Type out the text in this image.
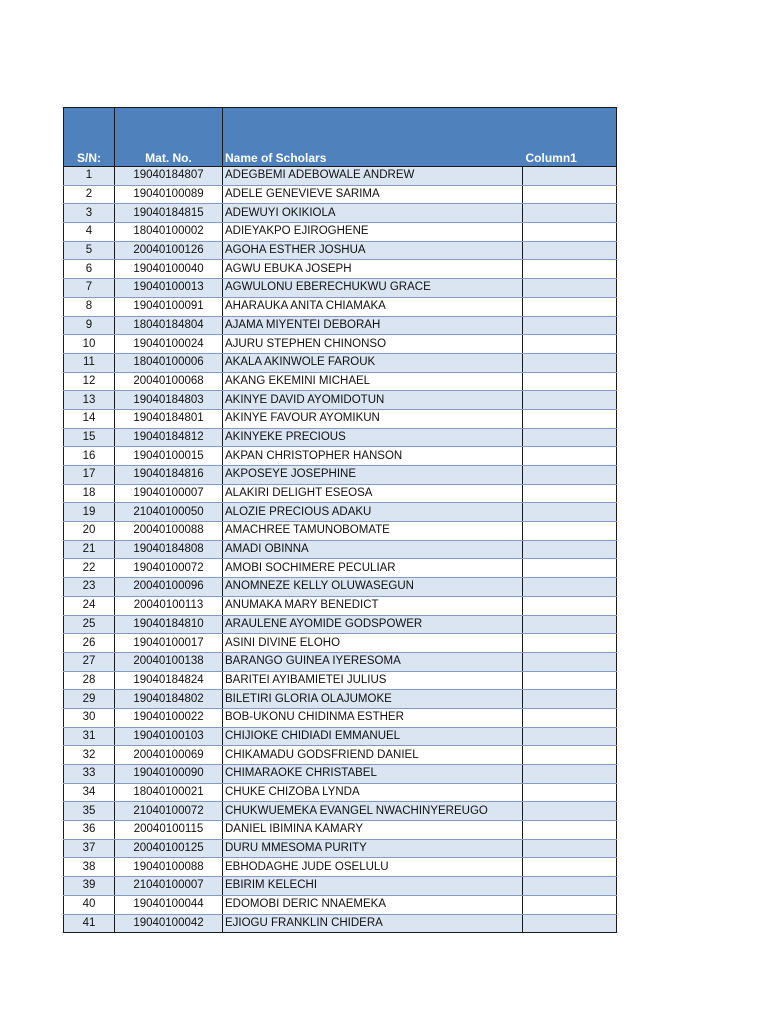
S/N:	Mat. No.	Name of Scholars	Column1
1	19040184807	ADEGBEMI ADEBOWALE ANDREW	
2	19040100089	ADELE GENEVIEVE SARIMA	
3	19040184815	ADEWUYI OKIKIOLA	
4	18040100002	ADIEYAKPO EJIROGHENE	
5	20040100126	AGOHA ESTHER JOSHUA	
6	19040100040	AGWU EBUKA JOSEPH	
7	19040100013	AGWULONU EBERECHUKWU GRACE	
8	19040100091	AHARAUKA ANITA CHIAMAKA	
9	18040184804	AJAMA MIYENTEI DEBORAH	
10	19040100024	AJURU STEPHEN CHINONSO	
11	18040100006	AKALA AKINWOLE FAROUK	
12	20040100068	AKANG EKEMINI MICHAEL	
13	19040184803	AKINYE DAVID AYOMIDOTUN	
14	19040184801	AKINYE FAVOUR AYOMIKUN	
15	19040184812	AKINYEKE PRECIOUS	
16	19040100015	AKPAN CHRISTOPHER HANSON	
17	19040184816	AKPOSEYE JOSEPHINE	
18	19040100007	ALAKIRI DELIGHT ESEOSA	
19	21040100050	ALOZIE PRECIOUS ADAKU	
20	20040100088	AMACHREE TAMUNOBOMATE	
21	19040184808	AMADI OBINNA	
22	19040100072	AMOBI SOCHIMERE PECULIAR	
23	20040100096	ANOMNEZE KELLY OLUWASEGUN	
24	20040100113	ANUMAKA MARY BENEDICT	
25	19040184810	ARAULENE AYOMIDE GODSPOWER	
26	19040100017	ASINI DIVINE ELOHO	
27	20040100138	BARANGO GUINEA IYERESOMA	
28	19040184824	BARITEI AYIBAMIETEI JULIUS	
29	19040184802	BILETIRI GLORIA OLAJUMOKE	
30	19040100022	BOB-UKONU CHIDINMA ESTHER	
31	19040100103	CHIJIOKE CHIDIADI EMMANUEL	
32	20040100069	CHIKAMADU GODSFRIEND DANIEL	
33	19040100090	CHIMARAOKE CHRISTABEL	
34	18040100021	CHUKE CHIZOBA LYNDA	
35	21040100072	CHUKWUEMEKA EVANGEL NWACHINYEREUGO	
36	20040100115	DANIEL IBIMINA KAMARY	
37	20040100125	DURU MMESOMA PURITY	
38	19040100088	EBHODAGHE JUDE OSELULU	
39	21040100007	EBIRIM KELECHI	
40	19040100044	EDOMOBI DERIC NNAEMEKA	
41	19040100042	EJIOGU FRANKLIN CHIDERA	
